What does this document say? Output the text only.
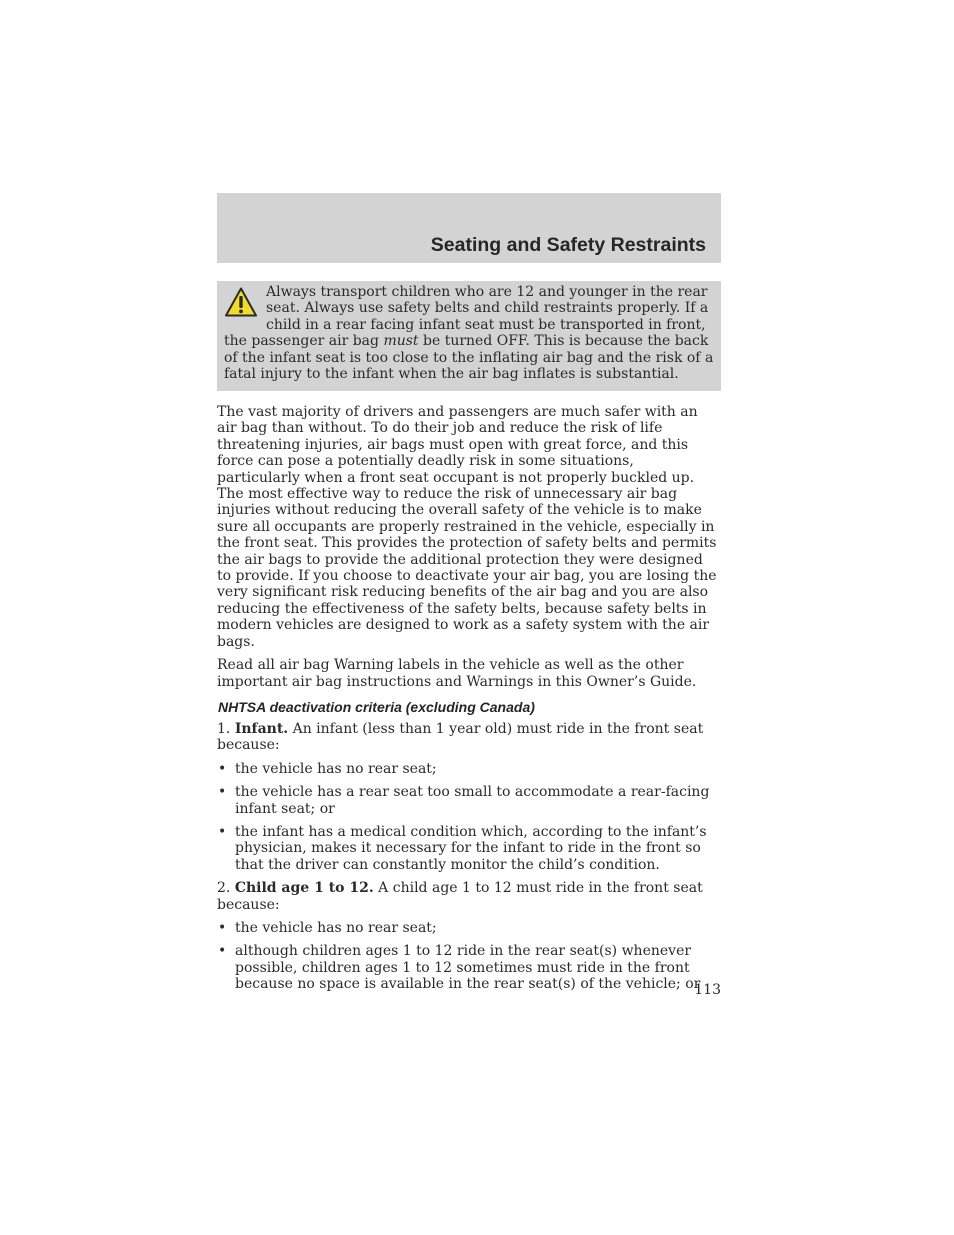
Seating and Safety Restraints

Always transport children who are 12 and younger in the rear seat. Always use safety belts and child restraints properly. If a child in a rear facing infant seat must be transported in front, the passenger air bag must be turned OFF. This is because the back of the infant seat is too close to the inflating air bag and the risk of a fatal injury to the infant when the air bag inflates is substantial.

The vast majority of drivers and passengers are much safer with an air bag than without. To do their job and reduce the risk of life threatening injuries, air bags must open with great force, and this force can pose a potentially deadly risk in some situations, particularly when a front seat occupant is not properly buckled up. The most effective way to reduce the risk of unnecessary air bag injuries without reducing the overall safety of the vehicle is to make sure all occupants are properly restrained in the vehicle, especially in the front seat. This provides the protection of safety belts and permits the air bags to provide the additional protection they were designed to provide. If you choose to deactivate your air bag, you are losing the very significant risk reducing benefits of the air bag and you are also reducing the effectiveness of the safety belts, because safety belts in modern vehicles are designed to work as a safety system with the air bags.

Read all air bag Warning labels in the vehicle as well as the other important air bag instructions and Warnings in this Owner’s Guide.

NHTSA deactivation criteria (excluding Canada)

1. Infant. An infant (less than 1 year old) must ride in the front seat because:

• the vehicle has no rear seat;
• the vehicle has a rear seat too small to accommodate a rear-facing infant seat; or
• the infant has a medical condition which, according to the infant’s physician, makes it necessary for the infant to ride in the front so that the driver can constantly monitor the child’s condition.

2. Child age 1 to 12. A child age 1 to 12 must ride in the front seat because:

• the vehicle has no rear seat;
• although children ages 1 to 12 ride in the rear seat(s) whenever possible, children ages 1 to 12 sometimes must ride in the front because no space is available in the rear seat(s) of the vehicle; or
113
